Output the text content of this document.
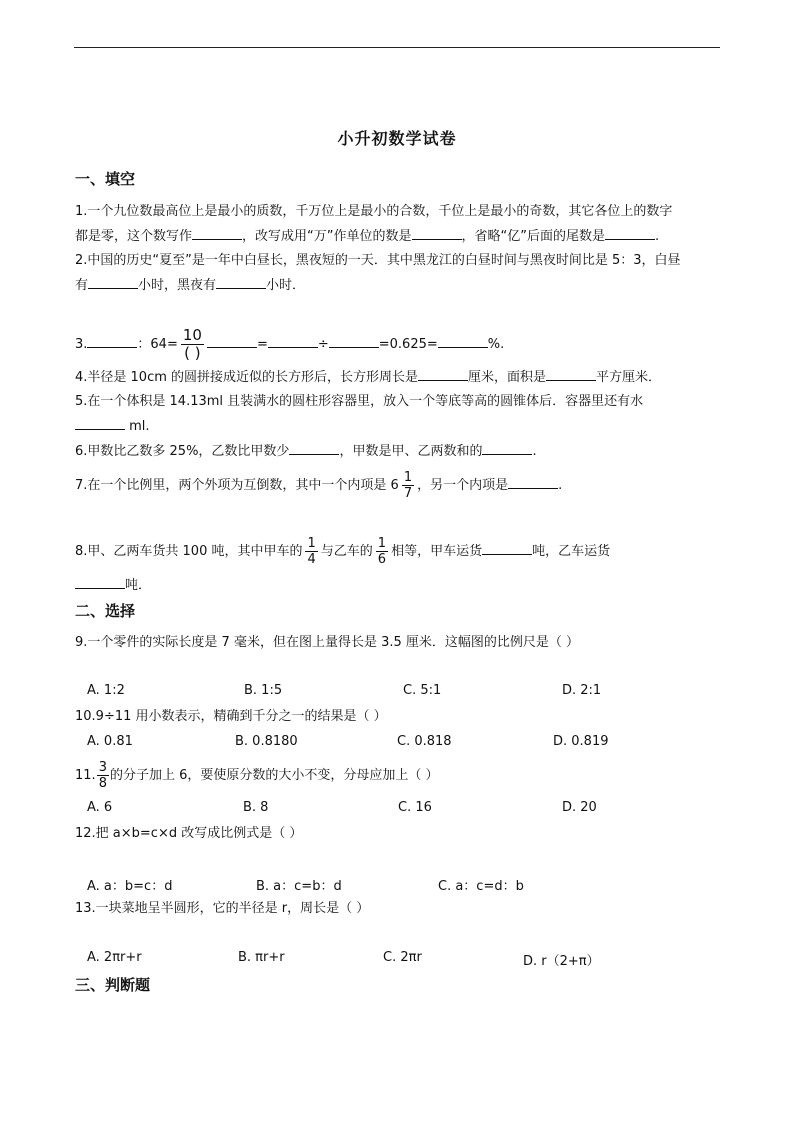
小升初数学试卷
一、填空
1.一个九位数最高位上是最小的质数，千万位上是最小的合数，千位上是最小的奇数，其它各位上的数字
都是零，这个数写作	，改写成用“万”作单位的数是	，省略“亿”后面的尾数是	.
2.中国的历史“夏至”是一年中白昼长，黑夜短的一天．其中黑龙江的白昼时间与黑夜时间比是 5：3，白昼
有	小时，黑夜有	小时．
3.	：$64= \frac{10}{( )}$	=	÷	=0.625=	%.
4.半径是 10cm 的圆拼接成近似的长方形后，长方形周长是	厘米，面积是	平方厘米．
5.在一个体积是 14.13ml 且装满水的圆柱形容器里，放入一个等底等高的圆锥体后．容器里还有水
ml.
6.甲数比乙数多 25%，乙数比甲数少	，甲数是甲、乙两数和的	.
7.在一个比例里，两个外项为互倒数，其中一个内项是 $6 \frac{1}{7}$ ，另一个内项是	.
8.甲、乙两车货共 100 吨，其中甲车的 $\frac{1}{4}$ 与乙车的 $\frac{1}{6}$ 相等，甲车运货	吨，乙车运货
吨．
二、选择
9.一个零件的实际长度是 7 毫米，但在图上量得长是 3.5 厘米．这幅图的比例尺是（ ）
A. 1:2	B. 1:5	C. 5:1	D. 2:1
10.9÷11 用小数表示，精确到千分之一的结果是（ ）
A. 0.81	B. 0.8180	C. 0.818	D. 0.819
11. $\frac{3}{8}$ 的分子加上 6，要使原分数的大小不变，分母应加上（ ）
A. 6	B. 8	C. 16	D. 20
12.把 a×b=c×d 改写成比例式是（ ）
A. a：b=c：d	B. a：c=b：d	C. a：c=d：b
13.一块菜地呈半圆形，它的半径是 r，周长是（ ）
A. 2πr+r	B. πr+r	C. 2πr	D. r（2+π）
三、判断题
